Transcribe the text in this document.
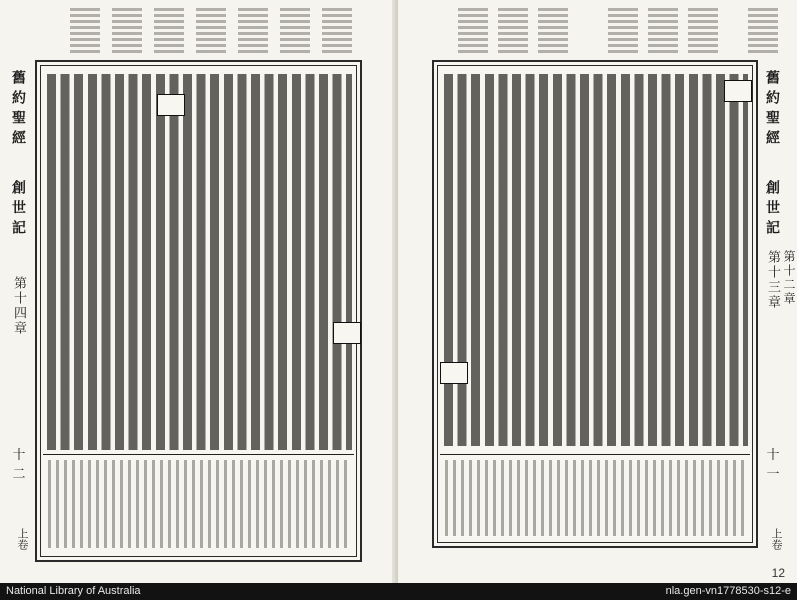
舊約聖經
創世記
第十四章
十二
上卷
舊約聖經
創世記
第十三章 第十二章
十一
上卷
12
National Library of Australia	nla.gen-vn1778530-s12-e
